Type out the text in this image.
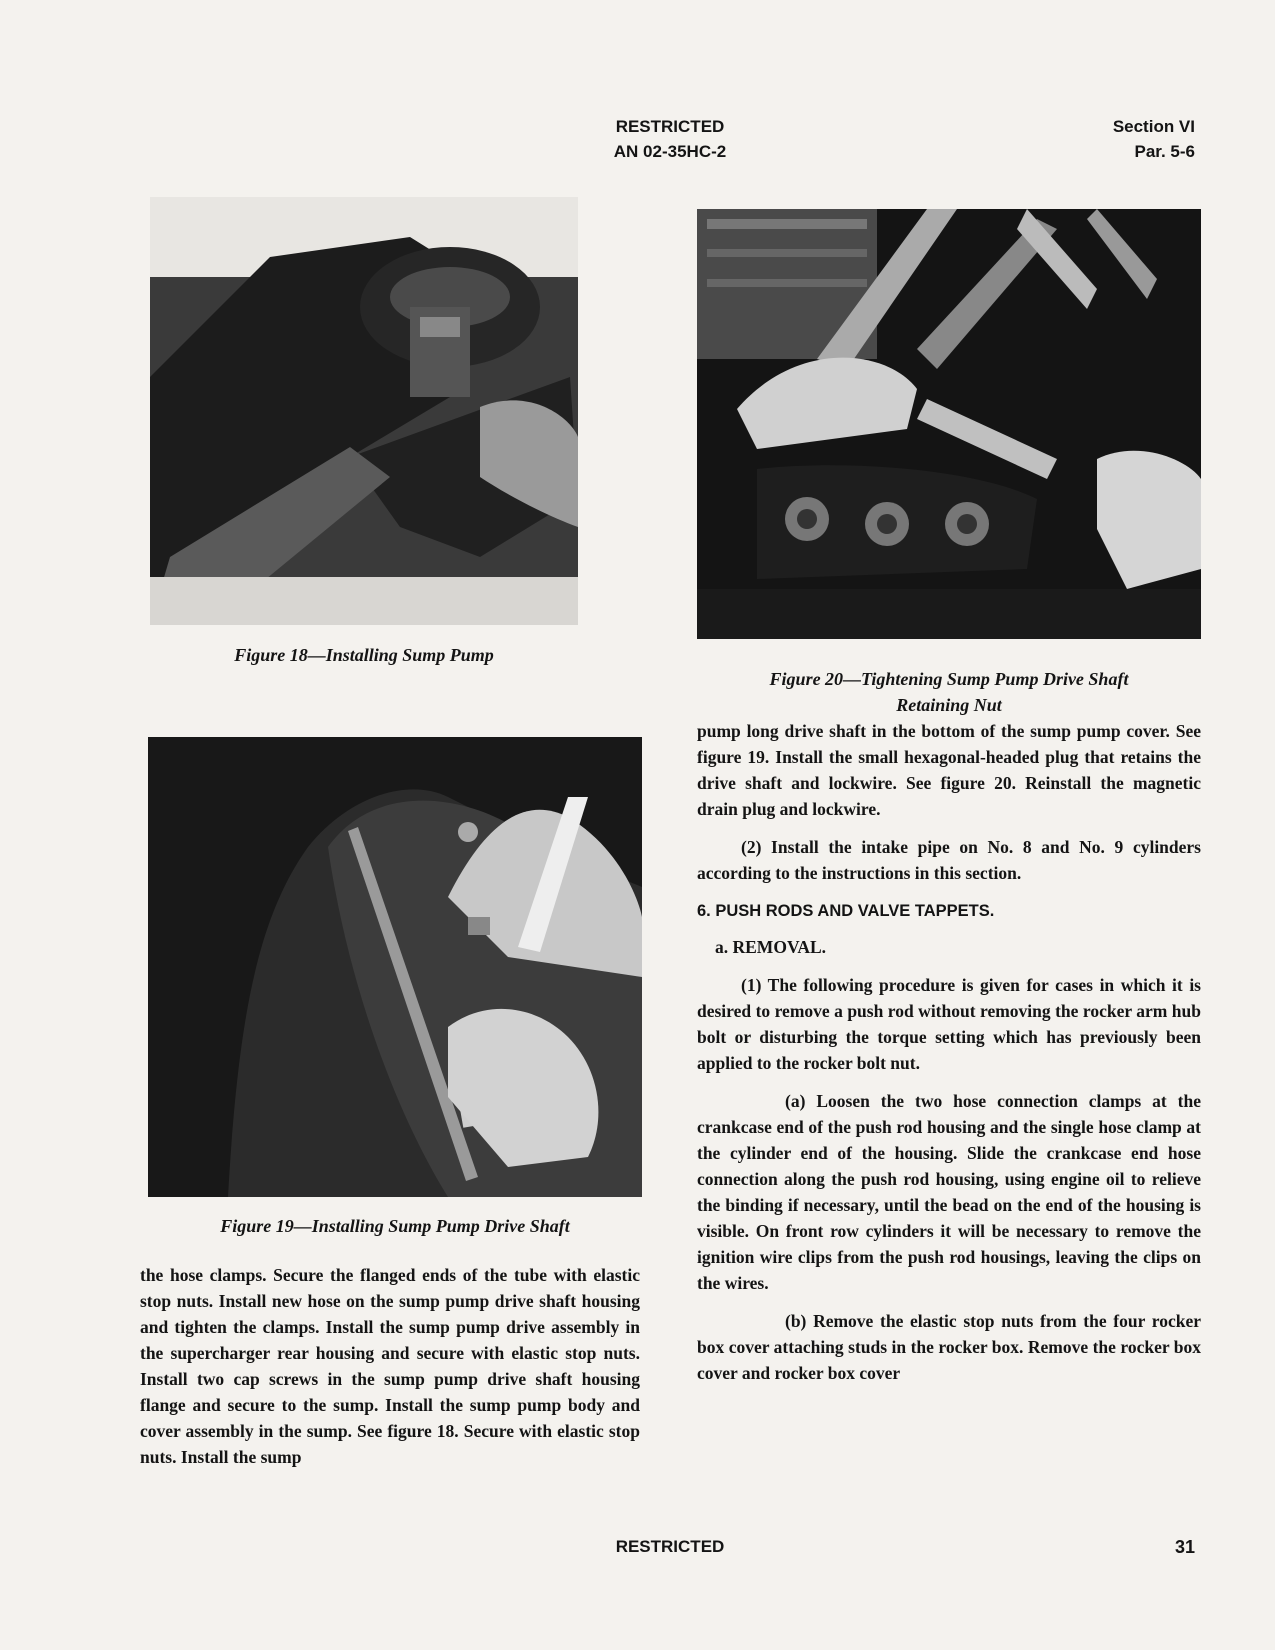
RESTRICTED
AN 02-35HC-2
Section VI
Par. 5-6
Figure 18—Installing Sump Pump
Figure 20—Tightening Sump Pump Drive Shaft
Retaining Nut
Figure 19—Installing Sump Pump Drive Shaft

the hose clamps. Secure the flanged ends of the tube with elastic stop nuts. Install new hose on the sump pump drive shaft housing and tighten the clamps. Install the sump pump drive assembly in the supercharger rear housing and secure with elastic stop nuts. Install two cap screws in the sump pump drive shaft housing flange and secure to the sump. Install the sump pump body and cover assembly in the sump. See figure 18. Secure with elastic stop nuts. Install the sump

pump long drive shaft in the bottom of the sump pump cover. See figure 19. Install the small hexagonal-headed plug that retains the drive shaft and lockwire. See figure 20. Reinstall the magnetic drain plug and lockwire.

(2) Install the intake pipe on No. 8 and No. 9 cylinders according to the instructions in this section.

6. PUSH RODS AND VALVE TAPPETS.
a. REMOVAL.

(1) The following procedure is given for cases in which it is desired to remove a push rod without removing the rocker arm hub bolt or disturbing the torque setting which has previously been applied to the rocker bolt nut.

(a) Loosen the two hose connection clamps at the crankcase end of the push rod housing and the single hose clamp at the cylinder end of the housing. Slide the crankcase end hose connection along the push rod housing, using engine oil to relieve the binding if necessary, until the bead on the end of the housing is visible. On front row cylinders it will be necessary to remove the ignition wire clips from the push rod housings, leaving the clips on the wires.

(b) Remove the elastic stop nuts from the four rocker box cover attaching studs in the rocker box. Remove the rocker box cover and rocker box cover

RESTRICTED	31
